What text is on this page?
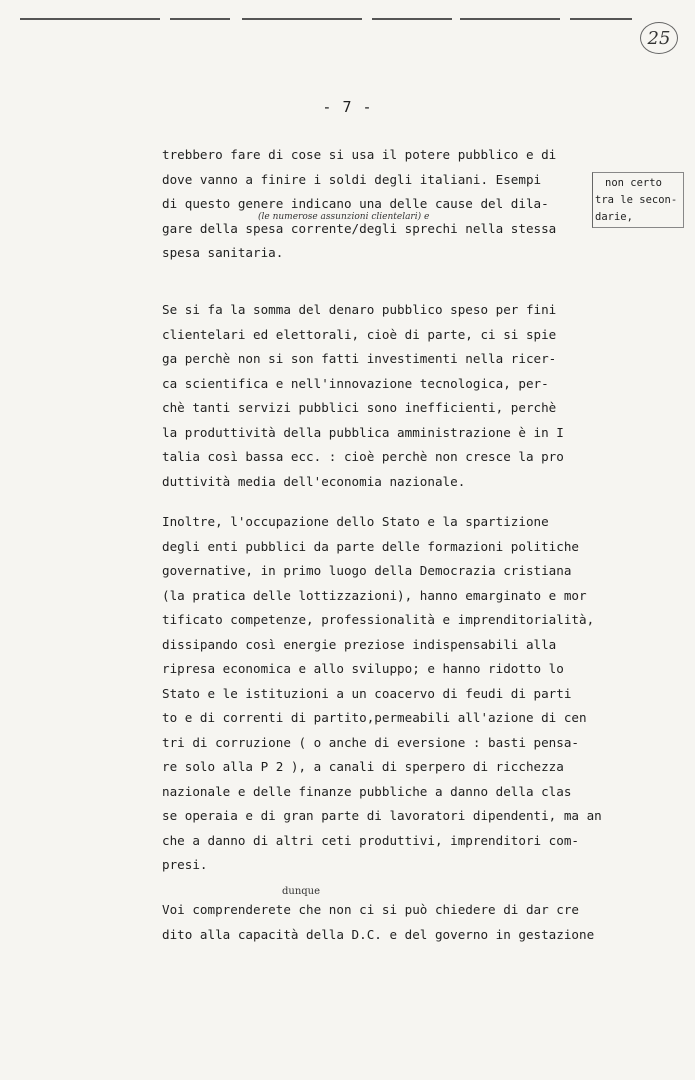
25
- 7 -
trebbero fare di cose si usa il potere pubblico e di
dove vanno a finire i soldi degli italiani. Esempi
di questo genere indicano una delle cause del dila-
gare della spesa corrente/degli sprechi nella stessa
spesa sanitaria.
(le numerose assunzioni clientelari) e
non certo
tra le secon-
darie,
Se si fa la somma del denaro pubblico speso per fini
clientelari ed elettorali, cioè di parte, ci si spie
ga perchè non si son fatti investimenti nella ricer-
ca scientifica e nell'innovazione tecnologica, per-
chè tanti servizi pubblici sono inefficienti, perchè
la produttività della pubblica amministrazione è in I
talia così bassa ecc. : cioè perchè non cresce la pro
duttività media dell'economia nazionale.
Inoltre, l'occupazione dello Stato e la spartizione
degli enti pubblici da parte delle formazioni politiche
governative, in primo luogo della Democrazia cristiana
(la pratica delle lottizzazioni), hanno emarginato e mor
tificato competenze, professionalità e imprenditorialità,
dissipando così energie preziose indispensabili alla
ripresa economica e allo sviluppo; e hanno ridotto lo
Stato e le istituzioni a un coacervo di feudi di parti
to e di correnti di partito,permeabili all'azione di cen
tri di corruzione ( o anche di eversione : basti pensa-
re solo alla P 2 ), a canali di sperpero di ricchezza
nazionale e delle finanze pubbliche a danno della clas
se operaia e di gran parte di lavoratori dipendenti, ma an
che a danno di altri ceti produttivi, imprenditori com-
presi.
dunque
Voi comprenderete che non ci si può chiedere di dar cre
dito alla capacità della D.C. e del governo in gestazione
